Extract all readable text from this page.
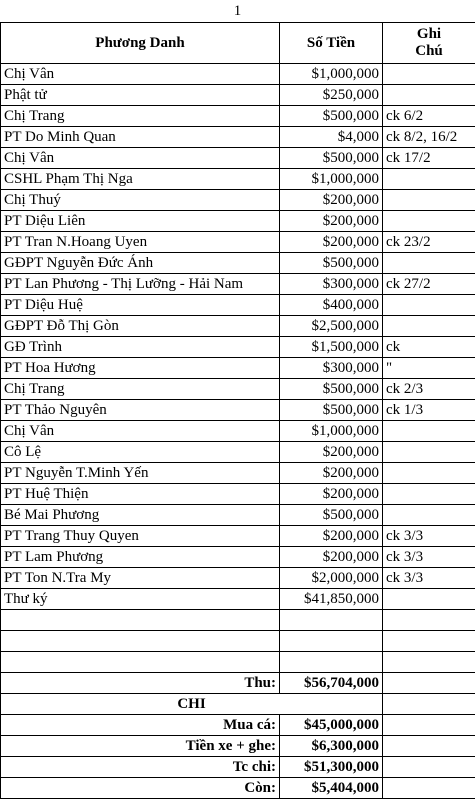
1
Phương Danh	Số Tiền	Ghi
Chú
Chị Vân	$1,000,000	
Phật tử	$250,000	
Chị Trang	$500,000	ck 6/2
PT Do Minh Quan	$4,000	ck 8/2, 16/2
Chị Vân	$500,000	ck 17/2
CSHL Phạm Thị Nga	$1,000,000	
Chị Thuý	$200,000	
PT Diệu Liên	$200,000	
PT Tran N.Hoang Uyen	$200,000	ck 23/2
GĐPT Nguyễn Đức Ánh	$500,000	
PT Lan Phương - Thị Lưỡng - Hải Nam	$300,000	ck 27/2
PT Diệu Huệ	$400,000	
GĐPT Đỗ Thị Gòn	$2,500,000	
GĐ Trình	$1,500,000	ck
PT Hoa Hương	$300,000	"
Chị Trang	$500,000	ck 2/3
PT Thảo Nguyên	$500,000	ck 1/3
Chị Vân	$1,000,000	
Cô Lệ	$200,000	
PT Nguyễn T.Minh Yến	$200,000	
PT Huệ Thiện	$200,000	
Bé Mai Phương	$500,000	
PT Trang Thuy Quyen	$200,000	ck 3/3
PT Lam Phương	$200,000	ck 3/3
PT Ton N.Tra My	$2,000,000	ck 3/3
Thư ký	$41,850,000	

Thu:	$56,704,000	
CHI		
Mua cá:	$45,000,000	
Tiền xe + ghe:	$6,300,000	
Tc chi:	$51,300,000	
Còn:	$5,404,000	
